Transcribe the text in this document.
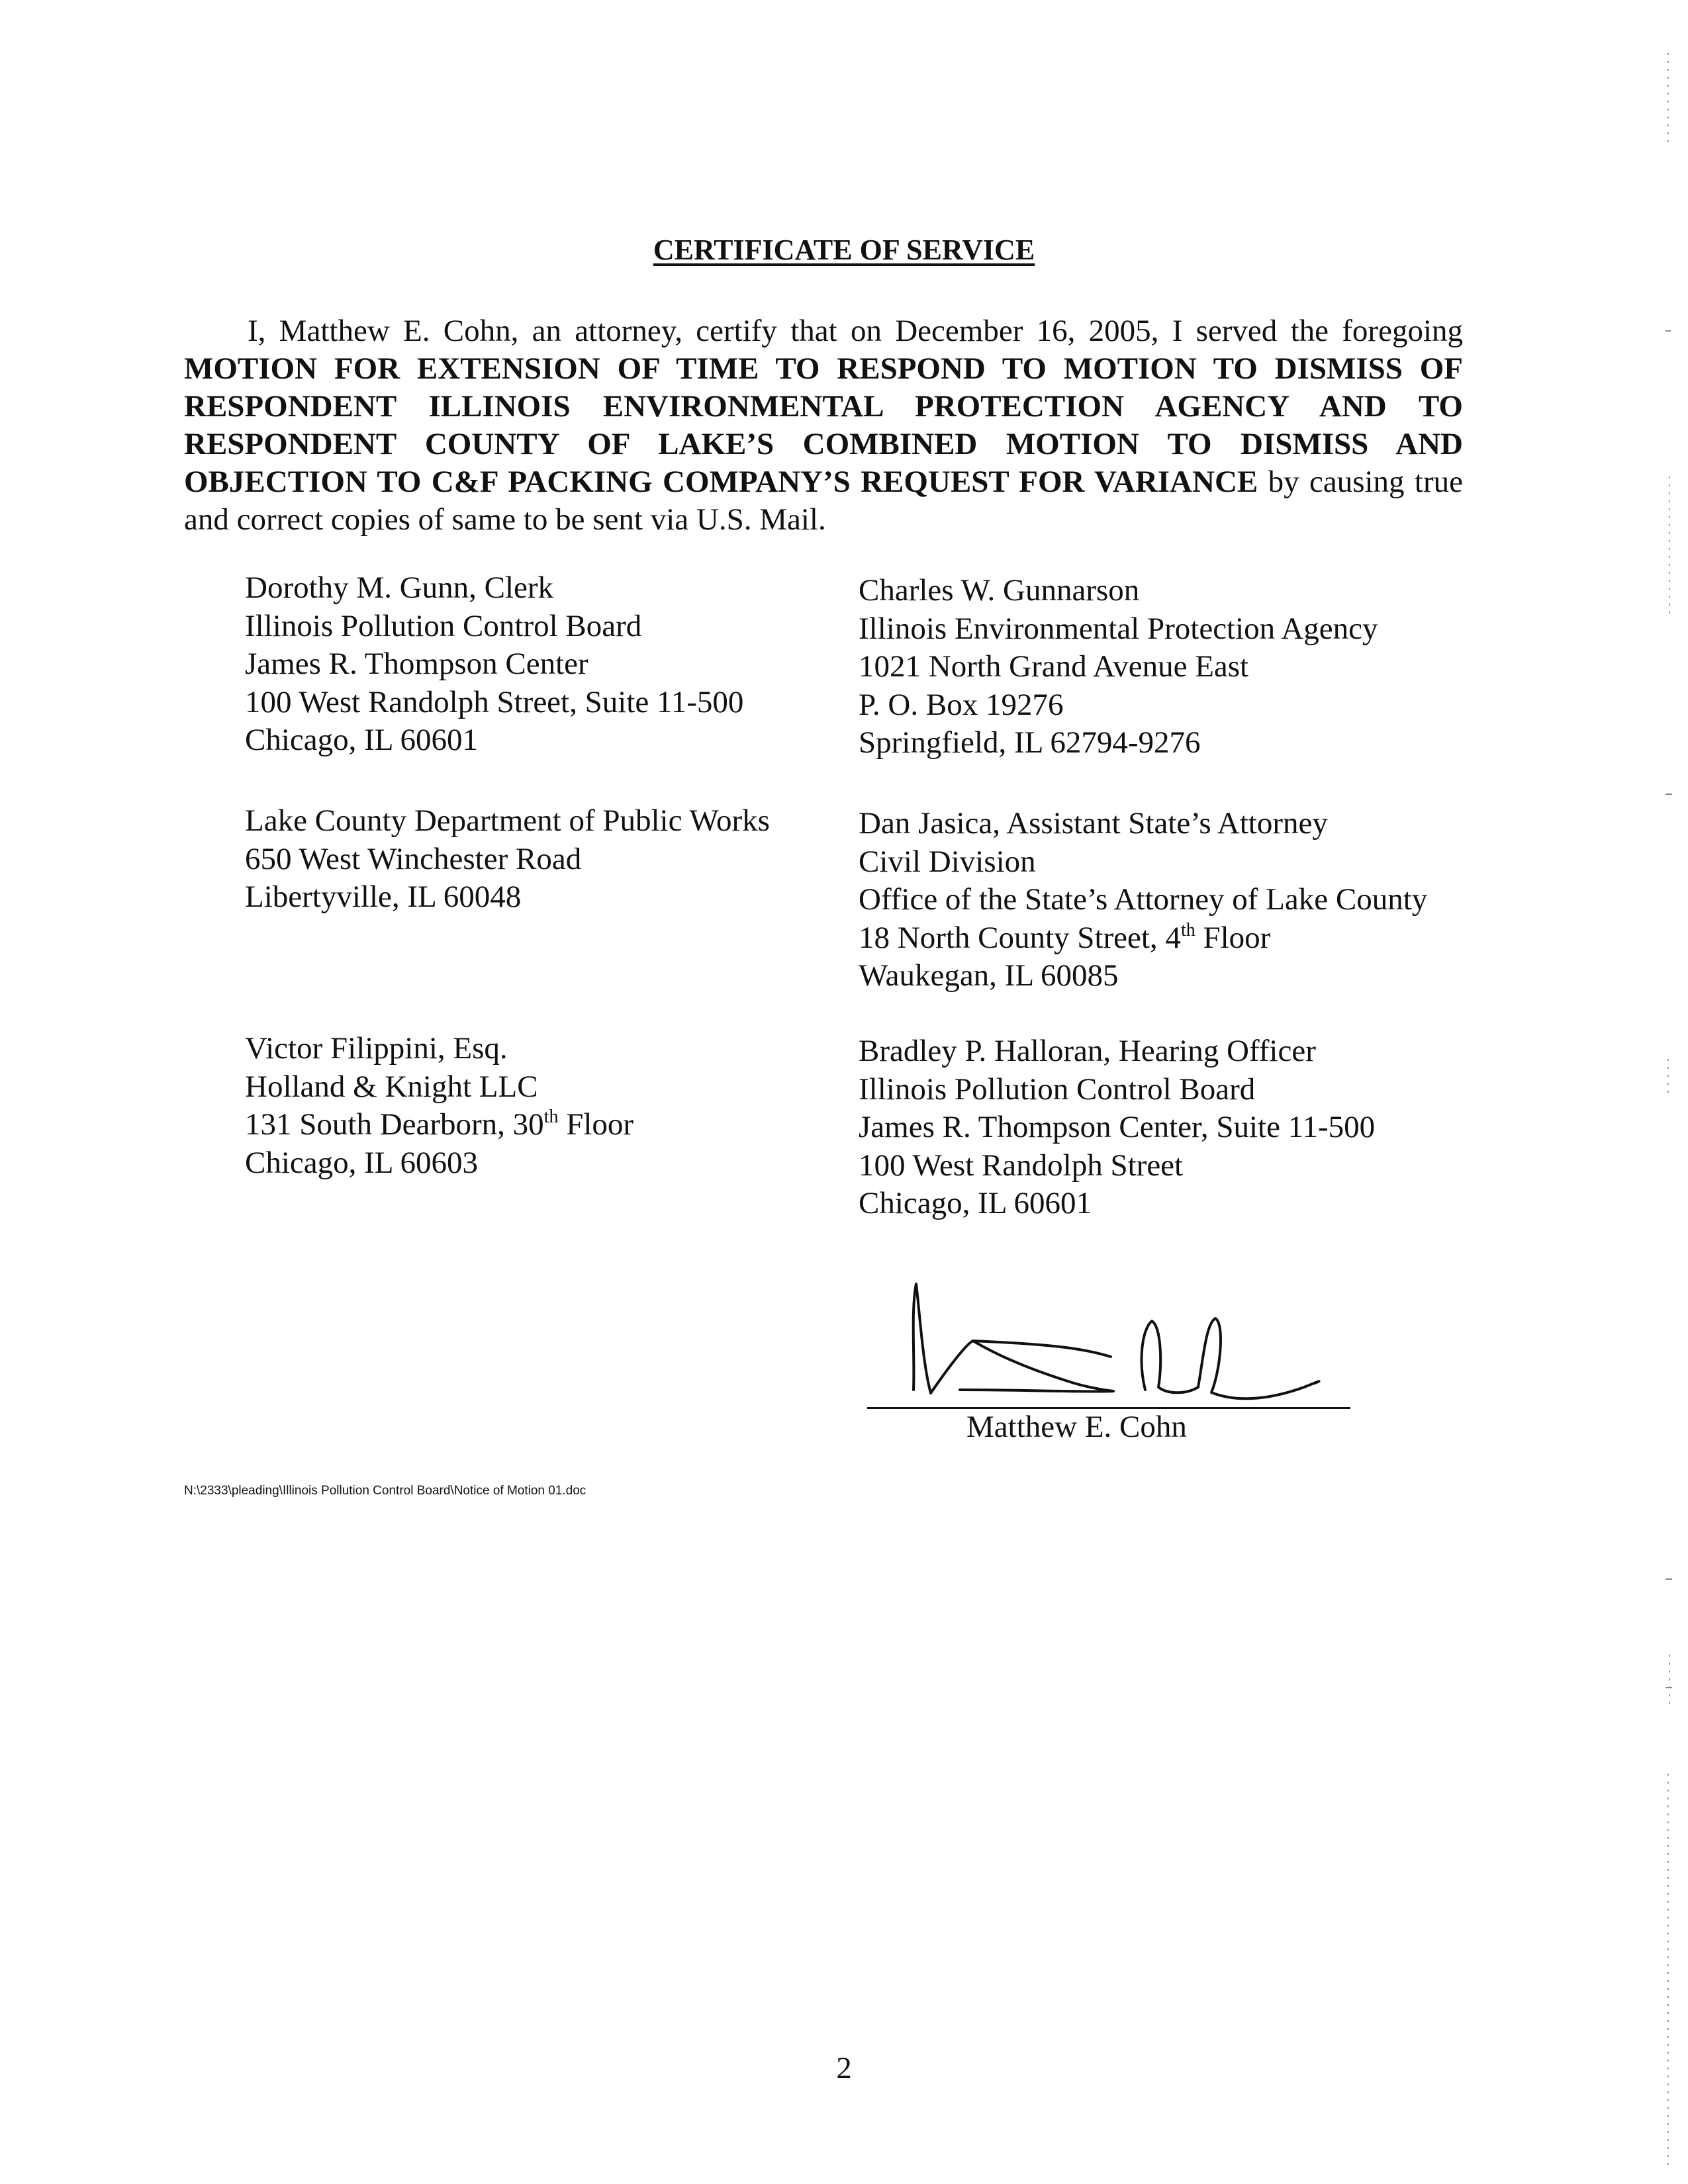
CERTIFICATE OF SERVICE
I, Matthew E. Cohn, an attorney, certify that on December 16, 2005, I served the foregoing MOTION FOR EXTENSION OF TIME TO RESPOND TO MOTION TO DISMISS OF RESPONDENT ILLINOIS ENVIRONMENTAL PROTECTION AGENCY AND TO RESPONDENT COUNTY OF LAKE’S COMBINED MOTION TO DISMISS AND OBJECTION TO C&F PACKING COMPANY’S REQUEST FOR VARIANCE by causing true and correct copies of same to be sent via U.S. Mail.
Dorothy M. Gunn, Clerk
Illinois Pollution Control Board
James R. Thompson Center
100 West Randolph Street, Suite 11-500
Chicago, IL 60601
Charles W. Gunnarson
Illinois Environmental Protection Agency
1021 North Grand Avenue East
P. O. Box 19276
Springfield, IL 62794-9276
Lake County Department of Public Works
650 West Winchester Road
Libertyville, IL 60048
Dan Jasica, Assistant State’s Attorney
Civil Division
Office of the State’s Attorney of Lake County
18 North County Street, 4th Floor
Waukegan, IL 60085
Victor Filippini, Esq.
Holland & Knight LLC
131 South Dearborn, 30th Floor
Chicago, IL 60603
Bradley P. Halloran, Hearing Officer
Illinois Pollution Control Board
James R. Thompson Center, Suite 11-500
100 West Randolph Street
Chicago, IL 60601
Matthew E. Cohn
N:\2333\pleading\Illinois Pollution Control Board\Notice of Motion 01.doc
2
